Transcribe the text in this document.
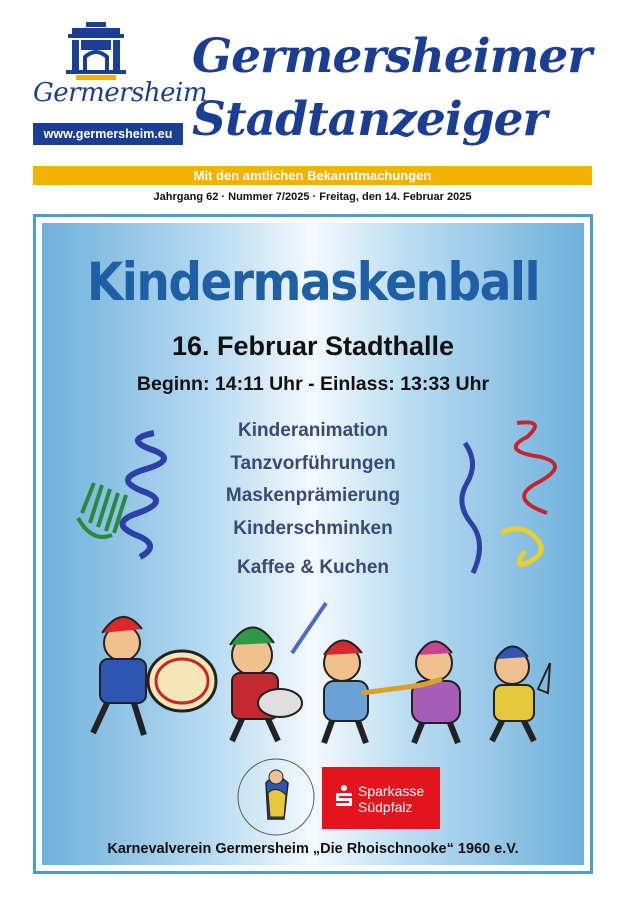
Germersheim
www.germersheim.eu
Germersheimer
Stadtanzeiger
Mit den amtlichen Bekanntmachungen
Jahrgang 62 · Nummer 7/2025 · Freitag, den 14. Februar 2025
Kindermaskenball
16. Februar Stadthalle
Beginn: 14:11 Uhr - Einlass: 13:33 Uhr
Kinderanimation
Tanzvorführungen
Maskenprämierung
Kinderschminken
Kaffee & Kuchen
Sparkasse
Südpfalz
Karnevalverein Germersheim „Die Rhoischnooke“ 1960 e.V.
